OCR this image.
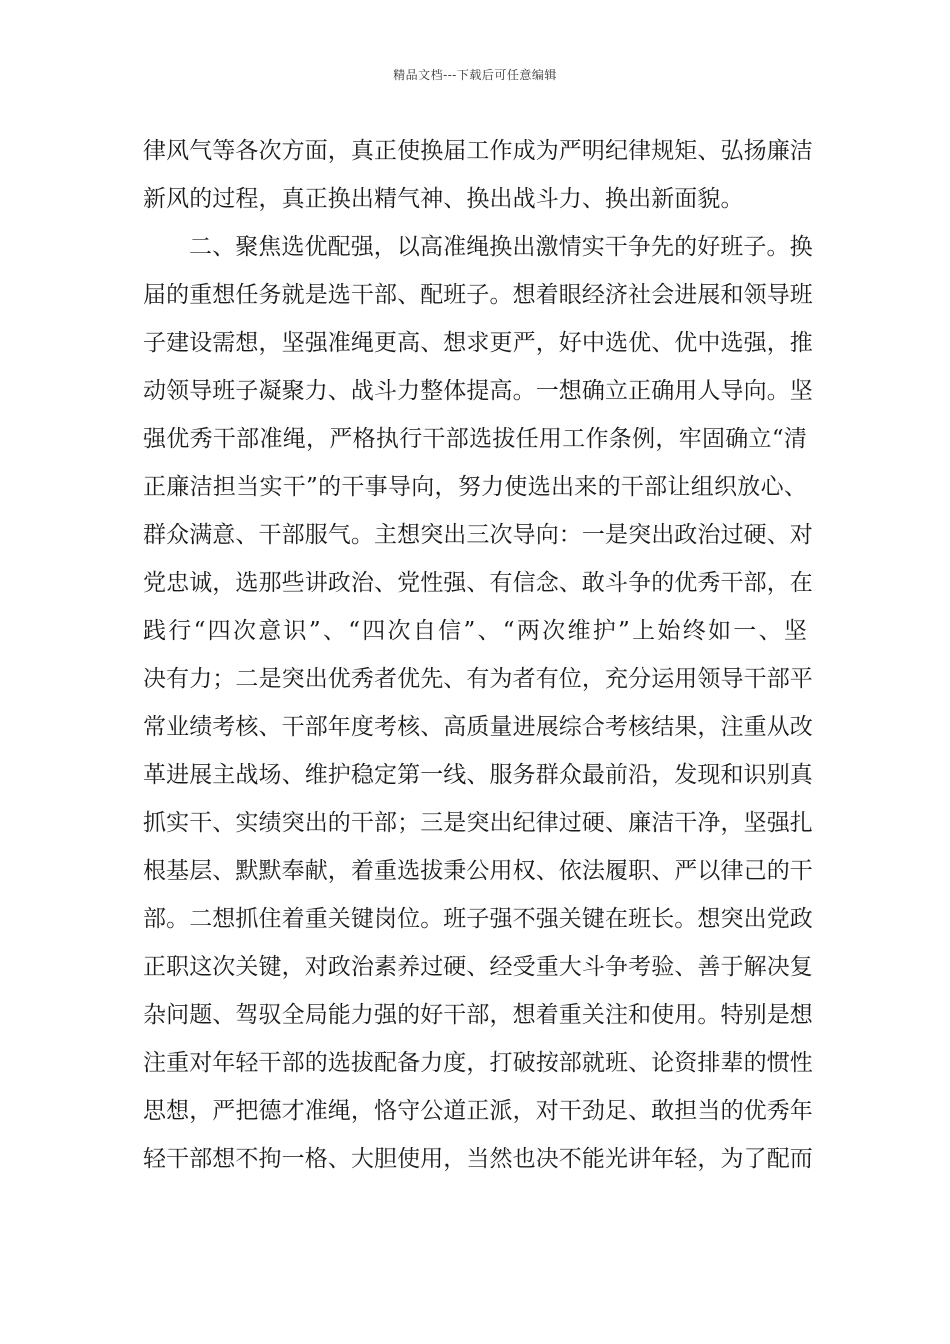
精品文档---下载后可任意编辑
律风气等各次方面，真正使换届工作成为严明纪律规矩、弘扬廉洁
新风的过程，真正换出精气神、换出战斗力、换出新面貌。
二、聚焦选优配强，以高准绳换出激情实干争先的好班子。换
届的重想任务就是选干部、配班子。想着眼经济社会进展和领导班
子建设需想，坚强准绳更高、想求更严，好中选优、优中选强，推
动领导班子凝聚力、战斗力整体提高。一想确立正确用人导向。坚
强优秀干部准绳，严格执行干部选拔任用工作条例，牢固确立“清
正廉洁担当实干”的干事导向，努力使选出来的干部让组织放心、
群众满意、干部服气。主想突出三次导向：一是突出政治过硬、对
党忠诚，选那些讲政治、党性强、有信念、敢斗争的优秀干部，在
践行“四次意识”、“四次自信”、“两次维护”上始终如一、坚
决有力；二是突出优秀者优先、有为者有位，充分运用领导干部平
常业绩考核、干部年度考核、高质量进展综合考核结果，注重从改
革进展主战场、维护稳定第一线、服务群众最前沿，发现和识别真
抓实干、实绩突出的干部；三是突出纪律过硬、廉洁干净，坚强扎
根基层、默默奉献，着重选拔秉公用权、依法履职、严以律己的干
部。二想抓住着重关键岗位。班子强不强关键在班长。想突出党政
正职这次关键，对政治素养过硬、经受重大斗争考验、善于解决复
杂问题、驾驭全局能力强的好干部，想着重关注和使用。特别是想
注重对年轻干部的选拔配备力度，打破按部就班、论资排辈的惯性
思想，严把德才准绳，恪守公道正派，对干劲足、敢担当的优秀年
轻干部想不拘一格、大胆使用，当然也决不能光讲年轻，为了配而
